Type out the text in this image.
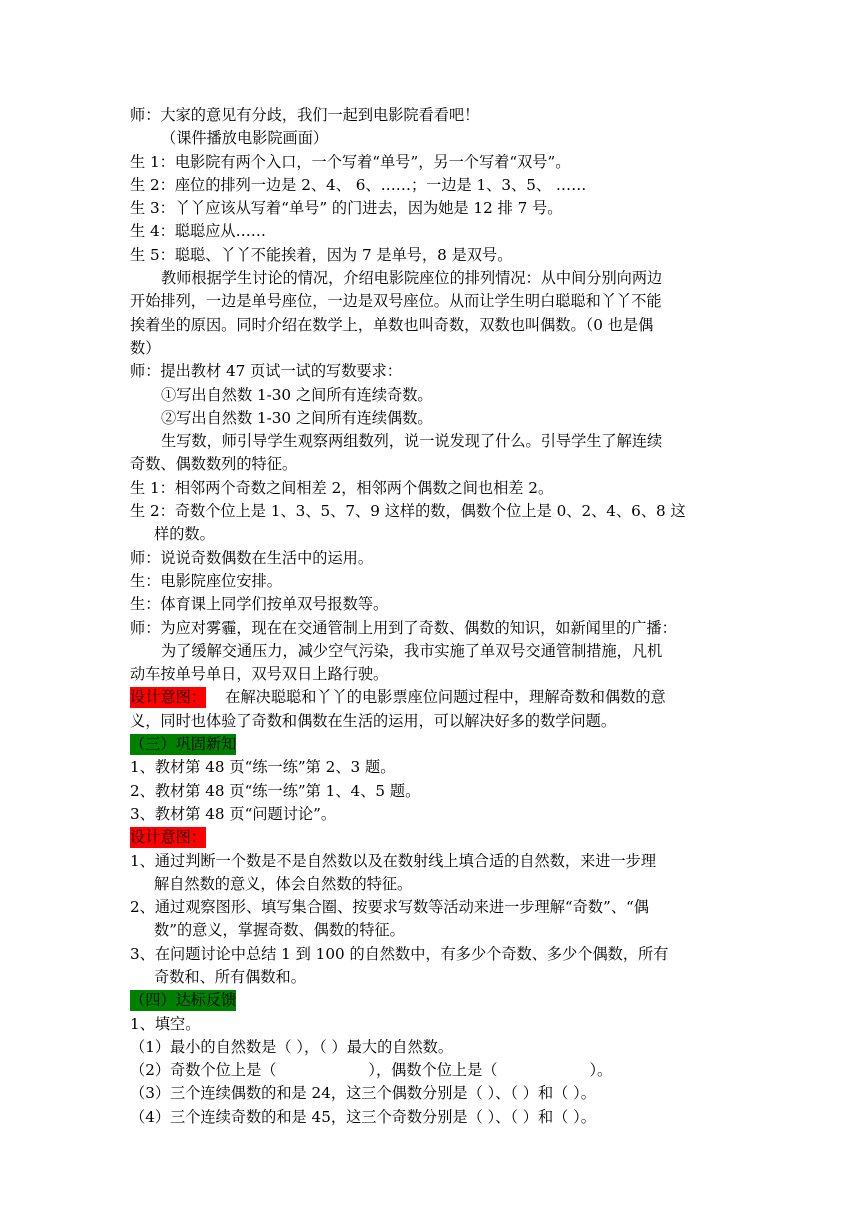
师：大家的意见有分歧，我们一起到电影院看看吧！
（课件播放电影院画面）
生 1：电影院有两个入口，一个写着“单号”，另一个写着“双号”。
生 2：座位的排列一边是 2、4、 6、……；一边是 1、3、5、 ……
生 3：丫丫应该从写着“单号” 的门进去，因为她是 12 排 7 号。
生 4：聪聪应从……
生 5：聪聪、丫丫不能挨着，因为 7 是单号，8 是双号。
教师根据学生讨论的情况，介绍电影院座位的排列情况：从中间分别向两边
开始排列，一边是单号座位，一边是双号座位。从而让学生明白聪聪和丫丫不能
挨着坐的原因。同时介绍在数学上，单数也叫奇数，双数也叫偶数。（0 也是偶
数）
师：提出教材 47 页试一试的写数要求：
①写出自然数 1-30 之间所有连续奇数。
②写出自然数 1-30 之间所有连续偶数。
生写数，师引导学生观察两组数列，说一说发现了什么。引导学生了解连续
奇数、偶数数列的特征。
生 1：相邻两个奇数之间相差 2，相邻两个偶数之间也相差 2。
生 2：奇数个位上是 1、3、5、7、9 这样的数，偶数个位上是 0、2、4、6、8 这
样的数。
师：说说奇数偶数在生活中的运用。
生：电影院座位安排。
生：体育课上同学们按单双号报数等。
师：为应对雾霾，现在在交通管制上用到了奇数、偶数的知识，如新闻里的广播：
为了缓解交通压力，减少空气污染，我市实施了单双号交通管制措施，凡机
动车按单号单日，双号双日上路行驶。
设计意图： 在解决聪聪和丫丫的电影票座位问题过程中，理解奇数和偶数的意
义，同时也体验了奇数和偶数在生活的运用，可以解决好多的数学问题。
（三）巩固新知
1、教材第 48 页“练一练”第 2、3 题。
2、教材第 48 页“练一练”第 1、4、5 题。
3、教材第 48 页“问题讨论”。
设计意图：
1、通过判断一个数是不是自然数以及在数射线上填合适的自然数，来进一步理
解自然数的意义，体会自然数的特征。
2、通过观察图形、填写集合圈、按要求写数等活动来进一步理解“奇数”、“偶
数”的意义，掌握奇数、偶数的特征。
3、在问题讨论中总结 1 到 100 的自然数中，有多少个奇数、多少个偶数，所有
奇数和、所有偶数和。
（四）达标反馈
1、填空。
（1）最小的自然数是（ ），（ ）最大的自然数。
（2）奇数个位上是（	），偶数个位上是（	）。
（3）三个连续偶数的和是 24，这三个偶数分别是（ ）、（ ）和（ ）。
（4）三个连续奇数的和是 45，这三个奇数分别是（ ）、（ ）和（ ）。
